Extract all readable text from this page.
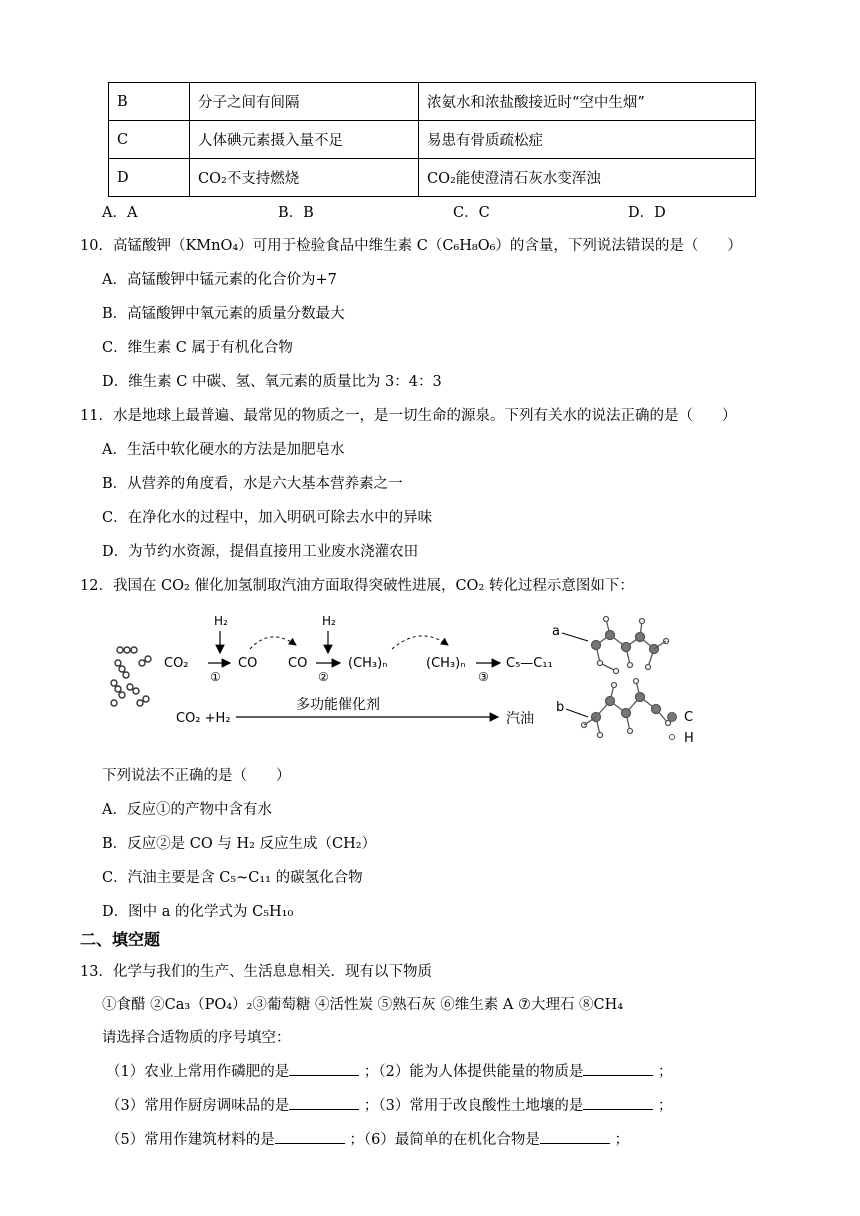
B	分子之间有间隔	浓氨水和浓盐酸接近时“空中生烟”
C	人体碘元素摄入量不足	易患有骨质疏松症
D	CO₂不支持燃烧	CO₂能使澄清石灰水变浑浊
A．A	B．B	C．C	D．D
10．高锰酸钾（KMnO₄）可用于检验食品中维生素 C（C₆H₈O₆）的含量，下列说法错误的是（　　）
A．高锰酸钾中锰元素的化合价为+7
B．高锰酸钾中氧元素的质量分数最大
C．维生素 C 属于有机化合物
D．维生素 C 中碳、氢、氧元素的质量比为 3：4：3
11．水是地球上最普遍、最常见的物质之一，是一切生命的源泉。下列有关水的说法正确的是（　　）
A．生活中软化硬水的方法是加肥皂水
B．从营养的角度看，水是六大基本营养素之一
C．在净化水的过程中，加入明矾可除去水中的异味
D．为节约水资源，提倡直接用工业废水浇灌农田
12．我国在 CO₂ 催化加氢制取汽油方面取得突破性进展，CO₂ 转化过程示意图如下：
CO₂
H₂
①
CO CO
H₂
②
(CH₃)ₙ	(CH₃)ₙ
③
C₅—C₁₁
CO₂ +H₂
多功能催化剂
汽油
a
b
C
H
下列说法不正确的是（　　）
A．反应①的产物中含有水
B．反应②是 CO 与 H₂ 反应生成（CH₂）
C．汽油主要是含 C₅~C₁₁ 的碳氢化合物
D．图中 a 的化学式为 C₅H₁₀
二、填空题
13．化学与我们的生产、生活息息相关．现有以下物质
①食醋 ②Ca₃（PO₄）₂③葡萄糖 ④活性炭 ⑤熟石灰 ⑥维生素 A ⑦大理石 ⑧CH₄
请选择合适物质的序号填空：
（1）农业上常用作磷肥的是	；（2）能为人体提供能量的物质是	；
（3）常用作厨房调味品的是	；（3）常用于改良酸性土地壤的是	；
（5）常用作建筑材料的是	；（6）最简单的在机化合物是	；
